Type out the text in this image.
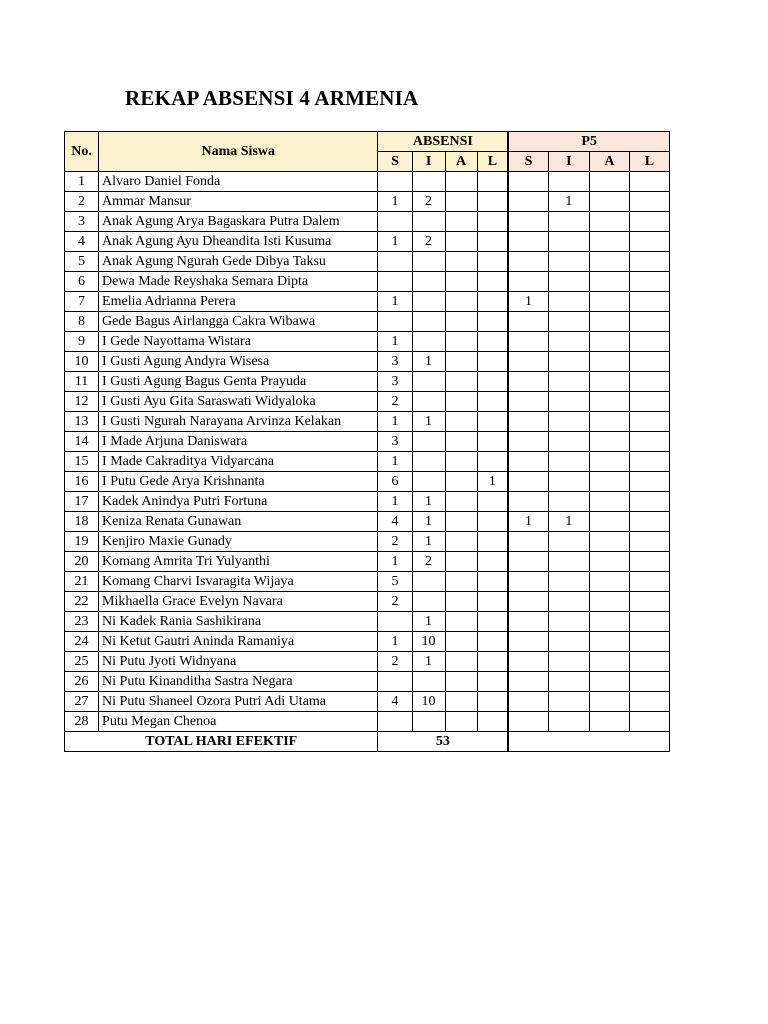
REKAP ABSENSI 4 ARMENIA
No.	Nama Siswa	ABSENSI				P5			
		S	I	A	L	S	I	A	L
1	Alvaro Daniel Fonda								
2	Ammar Mansur	1	2				1		
3	Anak Agung Arya Bagaskara Putra Dalem								
4	Anak Agung Ayu Dheandita Isti Kusuma	1	2						
5	Anak Agung Ngurah Gede Dibya Taksu								
6	Dewa Made Reyshaka Semara Dipta								
7	Emelia Adrianna Perera	1				1			
8	Gede Bagus Airlangga Cakra Wibawa								
9	I Gede Nayottama Wistara	1							
10	I Gusti Agung Andyra Wisesa	3	1						
11	I Gusti Agung Bagus Genta Prayuda	3							
12	I Gusti Ayu Gita Saraswati Widyaloka	2							
13	I Gusti Ngurah Narayana Arvinza Kelakan	1	1						
14	I Made Arjuna Daniswara	3							
15	I Made Cakraditya Vidyarcana	1							
16	I Putu Gede Arya Krishnanta	6			1				
17	Kadek Anindya Putri Fortuna	1	1						
18	Keniza Renata Gunawan	4	1			1	1		
19	Kenjiro Maxie Gunady	2	1						
20	Komang Amrita Tri Yulyanthi	1	2						
21	Komang Charvi Isvaragita Wijaya	5							
22	Mikhaella Grace Evelyn Navara	2							
23	Ni Kadek Rania Sashikirana		1						
24	Ni Ketut Gautri Aninda Ramaniya	1	10						
25	Ni Putu Jyoti Widnyana	2	1						
26	Ni Putu Kinanditha Sastra Negara								
27	Ni Putu Shaneel Ozora Putri Adi Utama	4	10						
28	Putu Megan Chenoa								
TOTAL HARI EFEKTIF		53							
